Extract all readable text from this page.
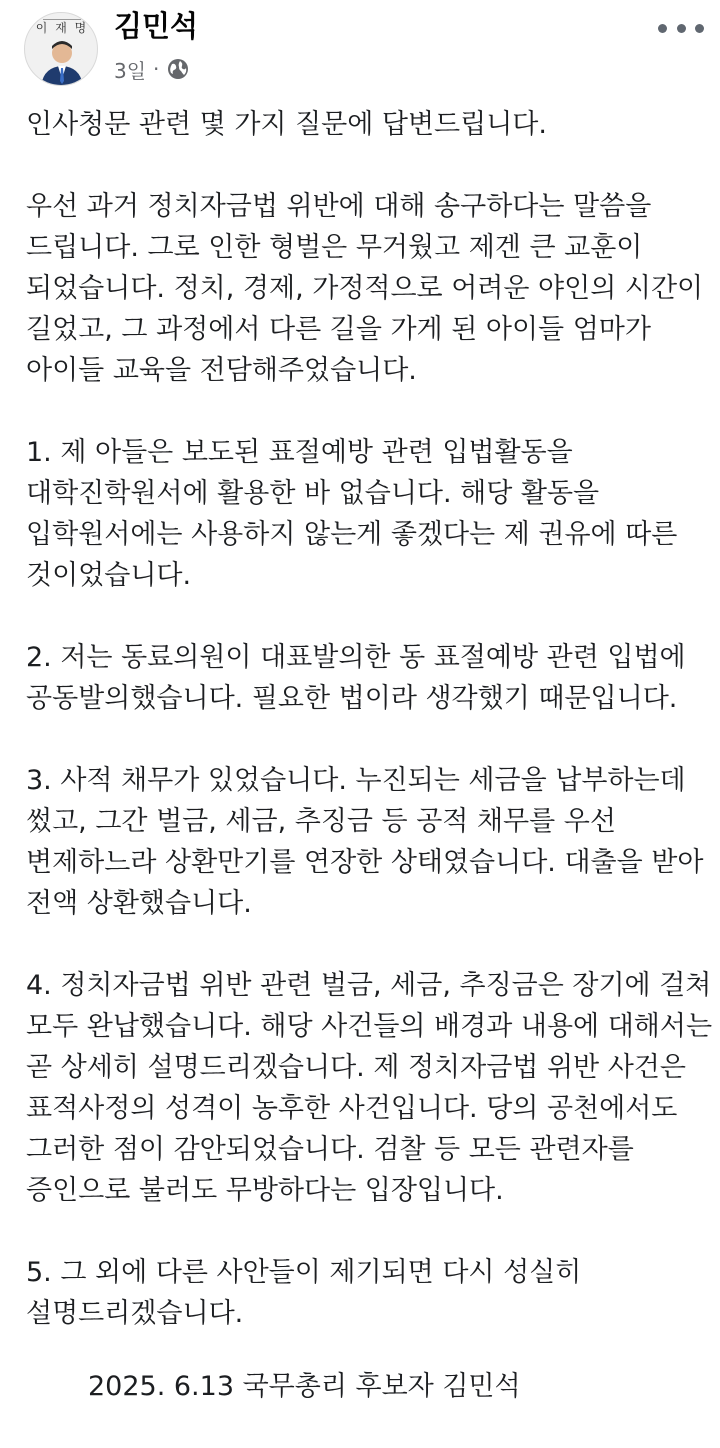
이 재 명 김민석
3일 ·
인사청문 관련 몇 가지 질문에 답변드립니다.
우선 과거 정치자금법 위반에 대해 송구하다는 말씀을
드립니다. 그로 인한 형벌은 무거웠고 제겐 큰 교훈이
되었습니다. 정치, 경제, 가정적으로 어려운 야인의 시간이
길었고, 그 과정에서 다른 길을 가게 된 아이들 엄마가
아이들 교육을 전담해주었습니다.
1. 제 아들은 보도된 표절예방 관련 입법활동을
대학진학원서에 활용한 바 없습니다. 해당 활동을
입학원서에는 사용하지 않는게 좋겠다는 제 권유에 따른
것이었습니다.
2. 저는 동료의원이 대표발의한 동 표절예방 관련 입법에
공동발의했습니다. 필요한 법이라 생각했기 때문입니다.
3. 사적 채무가 있었습니다. 누진되는 세금을 납부하는데
썼고, 그간 벌금, 세금, 추징금 등 공적 채무를 우선
변제하느라 상환만기를 연장한 상태였습니다. 대출을 받아
전액 상환했습니다.
4. 정치자금법 위반 관련 벌금, 세금, 추징금은 장기에 걸쳐
모두 완납했습니다. 해당 사건들의 배경과 내용에 대해서는
곧 상세히 설명드리겠습니다. 제 정치자금법 위반 사건은
표적사정의 성격이 농후한 사건입니다. 당의 공천에서도
그러한 점이 감안되었습니다. 검찰 등 모든 관련자를
증인으로 불러도 무방하다는 입장입니다.
5. 그 외에 다른 사안들이 제기되면 다시 성실히
설명드리겠습니다.
2025. 6.13 국무총리 후보자 김민석
